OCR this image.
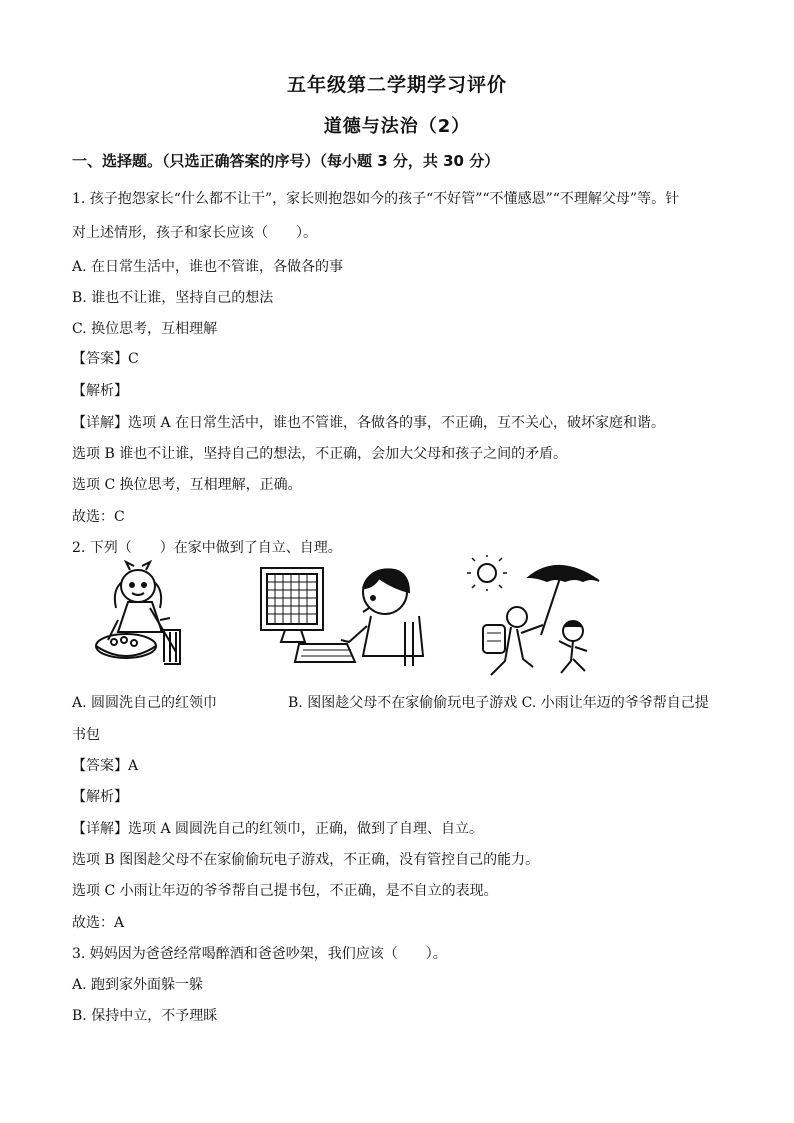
五年级第二学期学习评价
道德与法治（2）
一、选择题。（只选正确答案的序号）（每小题 3 分，共 30 分）
1. 孩子抱怨家长“什么都不让干”，家长则抱怨如今的孩子“不好管”“不懂感恩”“不理解父母”等。针
对上述情形，孩子和家长应该（　　）。
A. 在日常生活中，谁也不管谁，各做各的事
B. 谁也不让谁，坚持自己的想法
C. 换位思考，互相理解
【答案】C
【解析】
【详解】选项 A 在日常生活中，谁也不管谁，各做各的事，不正确，互不关心，破坏家庭和谐。
选项 B 谁也不让谁，坚持自己的想法，不正确，会加大父母和孩子之间的矛盾。
选项 C 换位思考，互相理解，正确。
故选：C
2. 下列（　　）在家中做到了自立、自理。
A. 圆圆洗自己的红领巾	B. 图图趁父母不在家偷偷玩电子游戏 C. 小雨让年迈的爷爷帮自己提
书包
【答案】A
【解析】
【详解】选项 A 圆圆洗自己的红领巾，正确，做到了自理、自立。
选项 B 图图趁父母不在家偷偷玩电子游戏，不正确，没有管控自己的能力。
选项 C 小雨让年迈的爷爷帮自己提书包，不正确，是不自立的表现。
故选：A
3. 妈妈因为爸爸经常喝醉酒和爸爸吵架，我们应该（　　）。
A. 跑到家外面躲一躲
B. 保持中立，不予理睬
